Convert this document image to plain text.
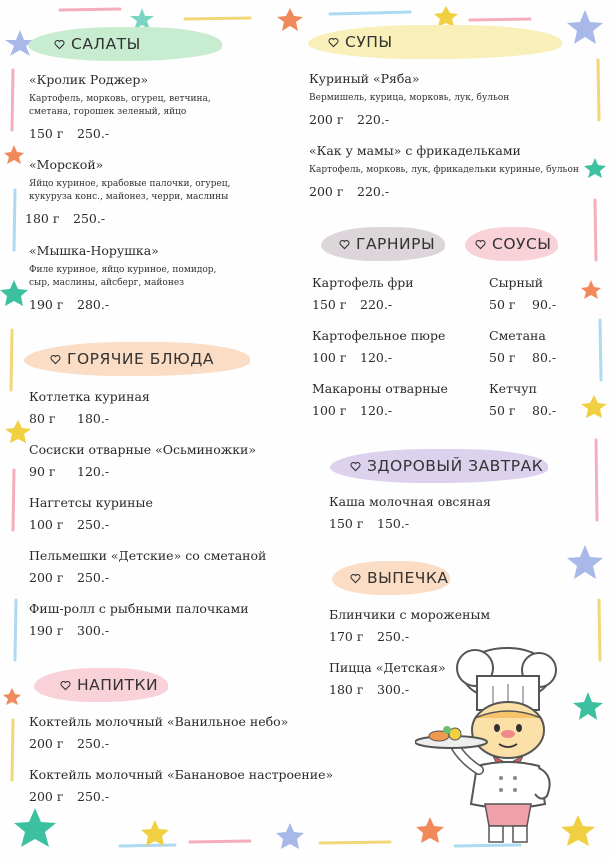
САЛАТЫ
«Кролик Роджер»
Картофель, морковь, огурец, ветчина,
сметана, горошек зеленый, яйцо
150 г 250.-
«Морской»
Яйцо куриное, крабовые палочки, огурец,
кукуруза конс., майонез, черри, маслины
180 г 250.-
«Мышка-Норушка»
Филе куриное, яйцо куриное, помидор,
сыр, маслины, айсберг, майонез
190 г 280.-
ГОРЯЧИЕ БЛЮДА
Котлетка куриная
80 г 180.-
Сосиски отварные «Осьминожки»
90 г 120.-
Наггетсы куриные
100 г 250.-
Пельмешки «Детские» со сметаной
200 г 250.-
Фиш-ролл с рыбными палочками
190 г 300.-
НАПИТКИ
Коктейль молочный «Ванильное небо»
200 г 250.-
Коктейль молочный «Банановое настроение»
200 г 250.-
СУПЫ
Куриный «Ряба»
Вермишель, курица, морковь, лук, бульон
200 г 220.-
«Как у мамы» с фрикадельками
Картофель, морковь, лук, фрикадельки куриные, бульон
200 г 220.-
ГАРНИРЫ
Картофель фри
150 г 220.-
Картофельное пюре
100 г 120.-
Макароны отварные
100 г 120.-
СОУСЫ
Сырный
50 г 90.-
Сметана
50 г 80.-
Кетчуп
50 г 80.-
ЗДОРОВЫЙ ЗАВТРАК
Каша молочная овсяная
150 г 150.-
ВЫПЕЧКА
Блинчики с мороженым
170 г 250.-
Пицца «Детская»
180 г 300.-
